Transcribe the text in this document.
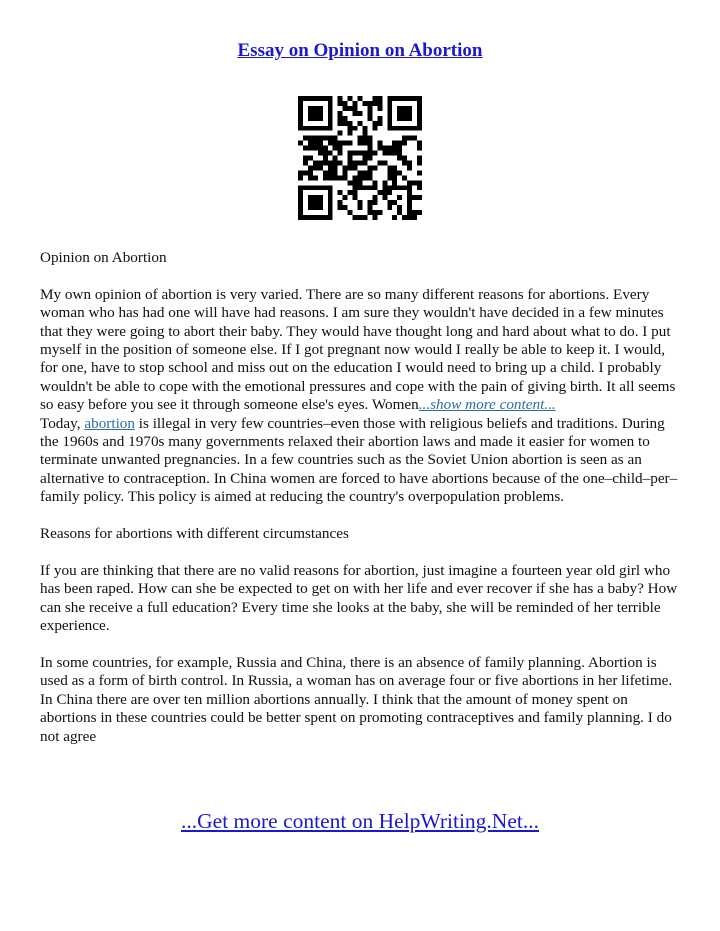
Essay on Opinion on Abortion

Opinion on Abortion

My own opinion of abortion is very varied. There are so many different reasons for abortions. Every woman who has had one will have had reasons. I am sure they wouldn't have decided in a few minutes that they were going to abort their baby. They would have thought long and hard about what to do. I put myself in the position of someone else. If I got pregnant now would I really be able to keep it. I would, for one, have to stop school and miss out on the education I would need to bring up a child. I probably wouldn't be able to cope with the emotional pressures and cope with the pain of giving birth. It all seems so easy before you see it through someone else's eyes. Women...show more content...

Today, abortion is illegal in very few countries–even those with religious beliefs and traditions. During the 1960s and 1970s many governments relaxed their abortion laws and made it easier for women to terminate unwanted pregnancies. In a few countries such as the Soviet Union abortion is seen as an alternative to contraception. In China women are forced to have abortions because of the one–child–per–family policy. This policy is aimed at reducing the country's overpopulation problems.

Reasons for abortions with different circumstances

If you are thinking that there are no valid reasons for abortion, just imagine a fourteen year old girl who has been raped. How can she be expected to get on with her life and ever recover if she has a baby? How can she receive a full education? Every time she looks at the baby, she will be reminded of her terrible experience.

In some countries, for example, Russia and China, there is an absence of family planning. Abortion is used as a form of birth control. In Russia, a woman has on average four or five abortions in her lifetime. In China there are over ten million abortions annually. I think that the amount of money spent on abortions in these countries could be better spent on promoting contraceptives and family planning. I do not agree

...Get more content on HelpWriting.Net...
